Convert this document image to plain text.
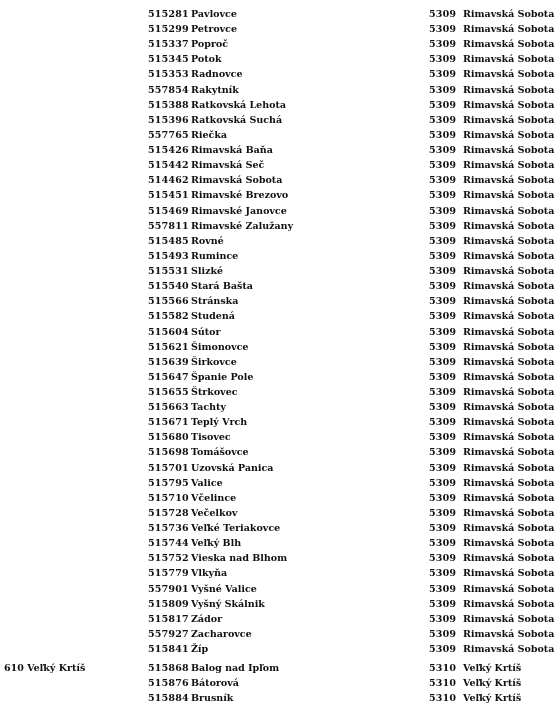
515281 Pavlovce	5309 Rimavská Sobota
515299 Petrovce	5309 Rimavská Sobota
515337 Poproč	5309 Rimavská Sobota
515345 Potok	5309 Rimavská Sobota
515353 Radnovce	5309 Rimavská Sobota
557854 Rakytník	5309 Rimavská Sobota
515388 Ratkovská Lehota	5309 Rimavská Sobota
515396 Ratkovská Suchá	5309 Rimavská Sobota
557765 Riečka	5309 Rimavská Sobota
515426 Rimavská Baňa	5309 Rimavská Sobota
515442 Rimavská Seč	5309 Rimavská Sobota
514462 Rimavská Sobota	5309 Rimavská Sobota
515451 Rimavské Brezovo	5309 Rimavská Sobota
515469 Rimavské Janovce	5309 Rimavská Sobota
557811 Rimavské Zalužany	5309 Rimavská Sobota
515485 Rovné	5309 Rimavská Sobota
515493 Rumince	5309 Rimavská Sobota
515531 Slizké	5309 Rimavská Sobota
515540 Stará Bašta	5309 Rimavská Sobota
515566 Stránska	5309 Rimavská Sobota
515582 Studená	5309 Rimavská Sobota
515604 Sútor	5309 Rimavská Sobota
515621 Šimonovce	5309 Rimavská Sobota
515639 Širkovce	5309 Rimavská Sobota
515647 Španie Pole	5309 Rimavská Sobota
515655 Štrkovec	5309 Rimavská Sobota
515663 Tachty	5309 Rimavská Sobota
515671 Teplý Vrch	5309 Rimavská Sobota
515680 Tisovec	5309 Rimavská Sobota
515698 Tomášovce	5309 Rimavská Sobota
515701 Uzovská Panica	5309 Rimavská Sobota
515795 Valice	5309 Rimavská Sobota
515710 Včelince	5309 Rimavská Sobota
515728 Večelkov	5309 Rimavská Sobota
515736 Veľké Teriakovce	5309 Rimavská Sobota
515744 Veľký Blh	5309 Rimavská Sobota
515752 Vieska nad Blhom	5309 Rimavská Sobota
515779 Vlkyňa	5309 Rimavská Sobota
557901 Vyšné Valice	5309 Rimavská Sobota
515809 Vyšný Skálnik	5309 Rimavská Sobota
515817 Zádor	5309 Rimavská Sobota
557927 Zacharovce	5309 Rimavská Sobota
515841 Žíp	5309 Rimavská Sobota
610 Veľký Krtíš	515868 Balog nad Ipľom	5310 Veľký Krtíš
515876 Bátorová	5310 Veľký Krtíš
515884 Brusník	5310 Veľký Krtíš
